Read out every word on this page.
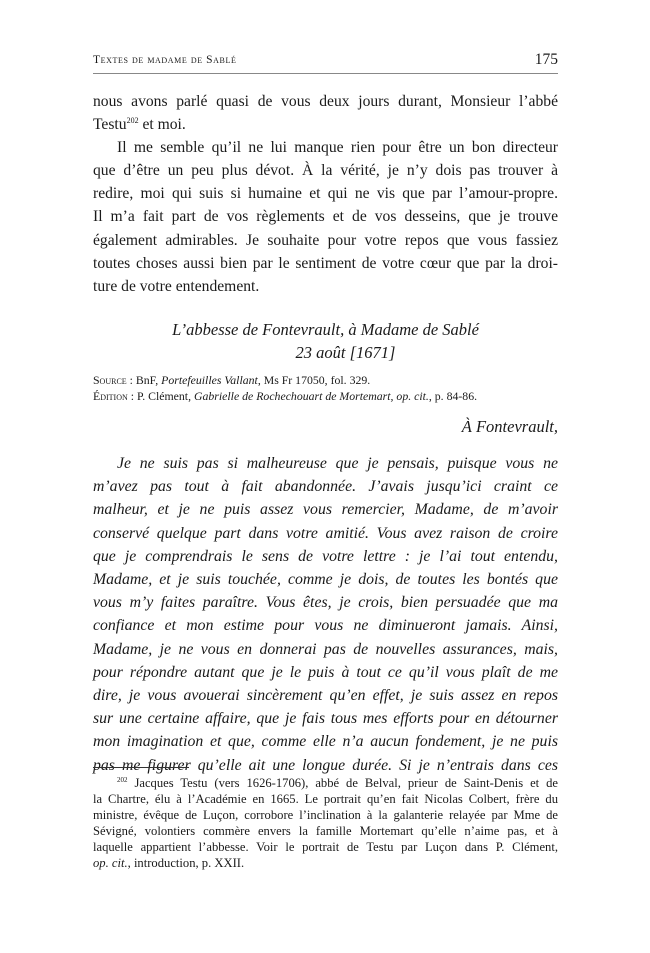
Textes de madame de Sablé	175
nous avons parlé quasi de vous deux jours durant, Monsieur l’abbé
Testu$^{202}$ et moi.
Il me semble qu’il ne lui manque rien pour être un bon directeur
que d’être un peu plus dévot. À la vérité, je n’y dois pas trouver à
redire, moi qui suis si humaine et qui ne vis que par l’amour-propre.
Il m’a fait part de vos règlements et de vos desseins, que je trouve
également admirables. Je souhaite pour votre repos que vous fassiez
toutes choses aussi bien par le sentiment de votre cœur que par la droi-
ture de votre entendement.
L’abbesse de Fontevrault, à Madame de Sablé
23 août [1671]
Source : BnF, Portefeuilles Vallant, Ms Fr 17050, fol. 329.
Édition : P. Clément, Gabrielle de Rochechouart de Mortemart, op. cit., p. 84-86.
À Fontevrault,
Je ne suis pas si malheureuse que je pensais, puisque vous ne
m’avez pas tout à fait abandonnée. J’avais jusqu’ici craint ce
malheur, et je ne puis assez vous remercier, Madame, de m’avoir
conservé quelque part dans votre amitié. Vous avez raison de croire
que je comprendrais le sens de votre lettre : je l’ai tout entendu,
Madame, et je suis touchée, comme je dois, de toutes les bontés que
vous m’y faites paraître. Vous êtes, je crois, bien persuadée que ma
confiance et mon estime pour vous ne diminueront jamais. Ainsi,
Madame, je ne vous en donnerai pas de nouvelles assurances, mais,
pour répondre autant que je le puis à tout ce qu’il vous plaît de me
dire, je vous avouerai sincèrement qu’en effet, je suis assez en repos
sur une certaine affaire, que je fais tous mes efforts pour en détourner
mon imagination et que, comme elle n’a aucun fondement, je ne puis
pas me figurer qu’elle ait une longue durée. Si je n’entrais dans ces
$^{202}$ Jacques Testu (vers 1626-1706), abbé de Belval, prieur de Saint-Denis et de
la Chartre, élu à l’Académie en 1665. Le portrait qu’en fait Nicolas Colbert, frère du
ministre, évêque de Luçon, corrobore l’inclination à la galanterie relayée par Mme de
Sévigné, volontiers commère envers la famille Mortemart qu’elle n’aime pas, et à
laquelle appartient l’abbesse. Voir le portrait de Testu par Luçon dans P. Clément,
op. cit., introduction, p. XXII.
